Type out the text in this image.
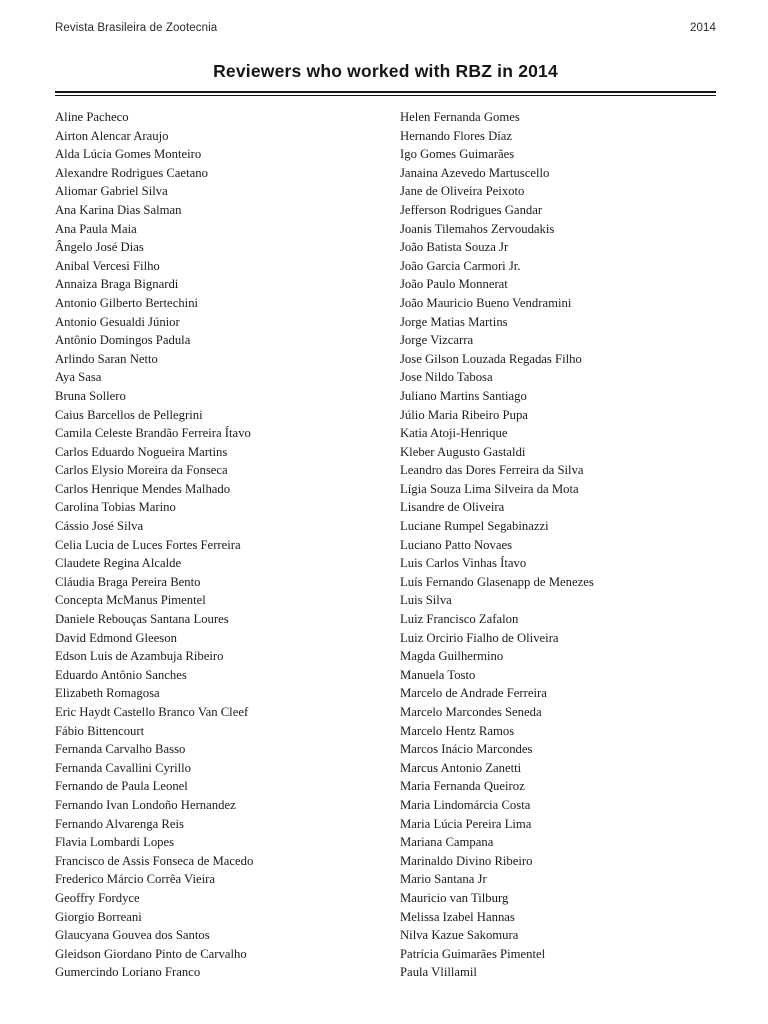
Revista Brasileira de Zootecnia	2014
Reviewers who worked with RBZ in 2014
Aline Pacheco
Airton Alencar Araujo
Alda Lúcia Gomes Monteiro
Alexandre Rodrigues Caetano
Aliomar Gabriel Silva
Ana Karina Dias Salman
Ana Paula Maia
Ângelo José Dias
Anibal Vercesi Filho
Annaiza Braga Bignardi
Antonio Gilberto Bertechini
Antonio Gesualdi Júnior
Antônio Domingos Padula
Arlindo Saran Netto
Aya Sasa
Bruna Sollero
Caius Barcellos de Pellegrini
Camila Celeste Brandão Ferreira Ítavo
Carlos Eduardo Nogueira Martins
Carlos Elysio Moreira da Fonseca
Carlos Henrique Mendes Malhado
Carolina Tobias Marino
Cássio José Silva
Celia Lucia de Luces Fortes Ferreira
Claudete Regina Alcalde
Cláudia Braga Pereira Bento
Concepta McManus Pimentel
Daniele Rebouças Santana Loures
David Edmond Gleeson
Edson Luis de Azambuja Ribeiro
Eduardo Antônio Sanches
Elizabeth Romagosa
Eric Haydt Castello Branco Van Cleef
Fábio Bittencourt
Fernanda Carvalho Basso
Fernanda Cavallini Cyrillo
Fernando de Paula Leonel
Fernando Ivan Londoño Hernandez
Fernando Alvarenga Reis
Flavia Lombardi Lopes
Francisco de Assis Fonseca de Macedo
Frederico Márcio Corrêa Vieira
Geoffry Fordyce
Giorgio Borreani
Glaucyana Gouvea dos Santos
Gleidson Giordano Pinto de Carvalho
Gumercindo Loriano Franco
Helen Fernanda Gomes
Hernando Flores Díaz
Igo Gomes Guimarães
Janaina Azevedo Martuscello
Jane de Oliveira Peixoto
Jefferson Rodrigues Gandar
Joanis Tilemahos Zervoudakis
João Batista Souza Jr
João Garcia Carmori Jr.
João Paulo Monnerat
João Mauricio Bueno Vendramini
Jorge Matias Martins
Jorge Vizcarra
Jose Gilson Louzada Regadas Filho
Jose Nildo Tabosa
Juliano Martins Santiago
Júlio Maria Ribeiro Pupa
Katia Atoji-Henrique
Kleber Augusto Gastaldi
Leandro das Dores Ferreira da Silva
Lígia Souza Lima Silveira da Mota
Lisandre de Oliveira
Luciane Rumpel Segabinazzi
Luciano Patto Novaes
Luis Carlos Vinhas Ítavo
Luís Fernando Glasenapp de Menezes
Luis Silva
Luiz Francisco Zafalon
Luiz Orcirio Fialho de Oliveira
Magda Guilhermino
Manuela Tosto
Marcelo de Andrade Ferreira
Marcelo Marcondes Seneda
Marcelo Hentz Ramos
Marcos Inácio Marcondes
Marcus Antonio Zanetti
Maria Fernanda Queiroz
Maria Lindomárcia Costa
Maria Lúcia Pereira Lima
Mariana Campana
Marinaldo Divino Ribeiro
Mario Santana Jr
Mauricio van Tilburg
Melissa Izabel Hannas
Nilva Kazue Sakomura
Patrícia Guimarães Pimentel
Paula Vlillamil
